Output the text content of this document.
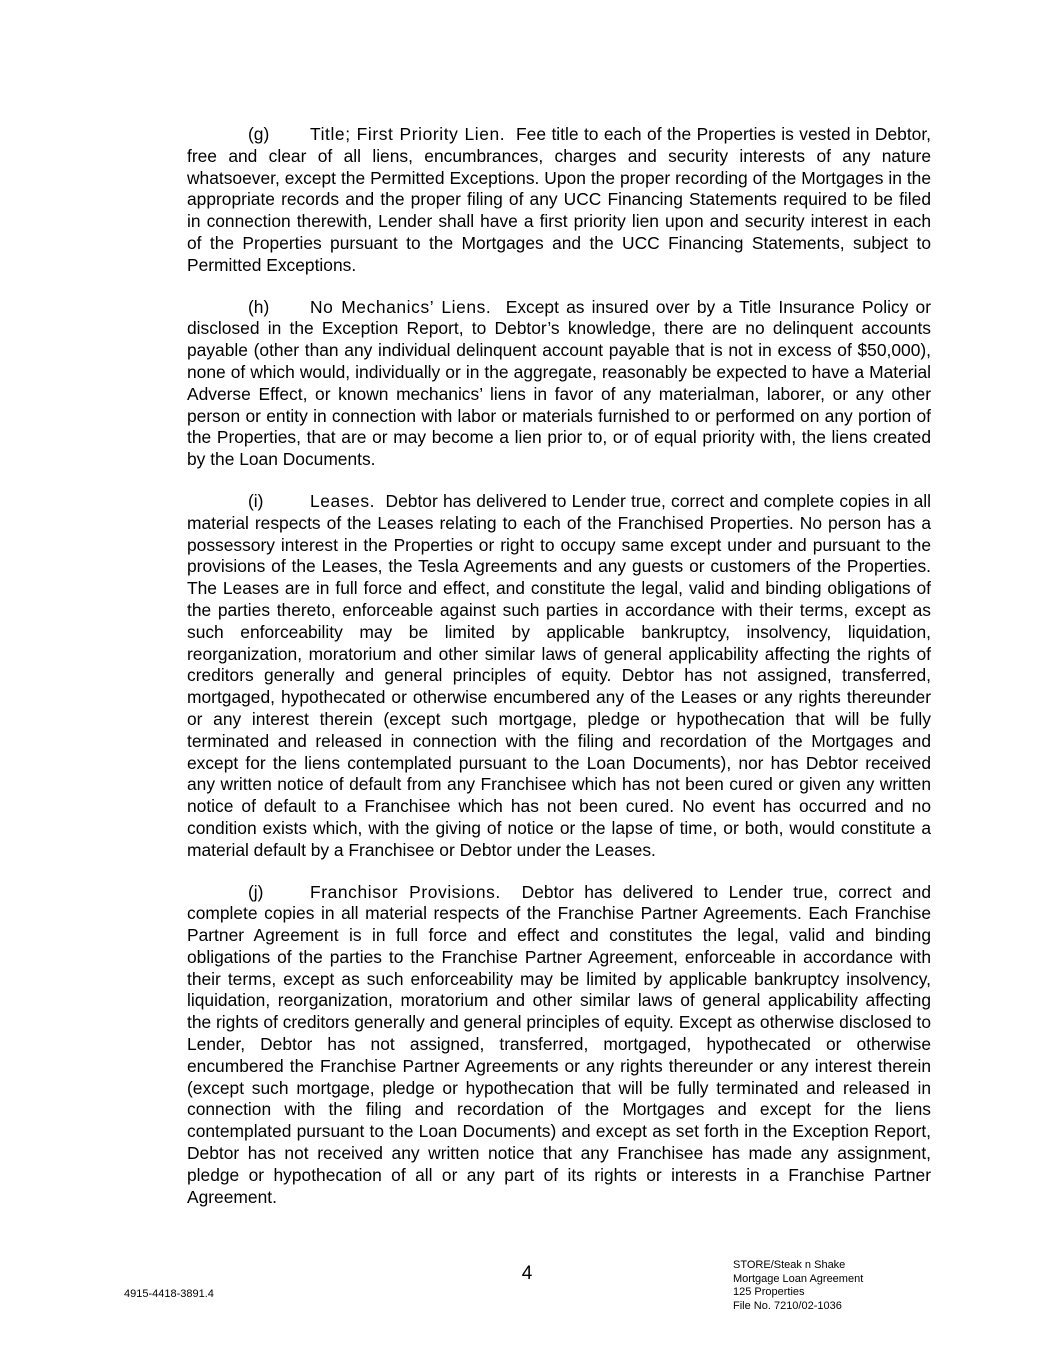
(g) Title; First Priority Lien. Fee title to each of the Properties is vested in Debtor, free and clear of all liens, encumbrances, charges and security interests of any nature whatsoever, except the Permitted Exceptions. Upon the proper recording of the Mortgages in the appropriate records and the proper filing of any UCC Financing Statements required to be filed in connection therewith, Lender shall have a first priority lien upon and security interest in each of the Properties pursuant to the Mortgages and the UCC Financing Statements, subject to Permitted Exceptions.

(h) No Mechanics’ Liens. Except as insured over by a Title Insurance Policy or disclosed in the Exception Report, to Debtor’s knowledge, there are no delinquent accounts payable (other than any individual delinquent account payable that is not in excess of $50,000), none of which would, individually or in the aggregate, reasonably be expected to have a Material Adverse Effect, or known mechanics’ liens in favor of any materialman, laborer, or any other person or entity in connection with labor or materials furnished to or performed on any portion of the Properties, that are or may become a lien prior to, or of equal priority with, the liens created by the Loan Documents.

(i)	Leases. Debtor has delivered to Lender true, correct and complete copies in all material respects of the Leases relating to each of the Franchised Properties. No person has a possessory interest in the Properties or right to occupy same except under and pursuant to the provisions of the Leases, the Tesla Agreements and any guests or customers of the Properties. The Leases are in full force and effect, and constitute the legal, valid and binding obligations of the parties thereto, enforceable against such parties in accordance with their terms, except as such enforceability may be limited by applicable bankruptcy, insolvency, liquidation, reorganization, moratorium and other similar laws of general applicability affecting the rights of creditors generally and general principles of equity. Debtor has not assigned, transferred, mortgaged, hypothecated or otherwise encumbered any of the Leases or any rights thereunder or any interest therein (except such mortgage, pledge or hypothecation that will be fully terminated and released in connection with the filing and recordation of the Mortgages and except for the liens contemplated pursuant to the Loan Documents), nor has Debtor received any written notice of default from any Franchisee which has not been cured or given any written notice of default to a Franchisee which has not been cured. No event has occurred and no condition exists which, with the giving of notice or the lapse of time, or both, would constitute a material default by a Franchisee or Debtor under the Leases.

(j)	Franchisor Provisions. Debtor has delivered to Lender true, correct and complete copies in all material respects of the Franchise Partner Agreements. Each Franchise Partner Agreement is in full force and effect and constitutes the legal, valid and binding obligations of the parties to the Franchise Partner Agreement, enforceable in accordance with their terms, except as such enforceability may be limited by applicable bankruptcy insolvency, liquidation, reorganization, moratorium and other similar laws of general applicability affecting the rights of creditors generally and general principles of equity. Except as otherwise disclosed to Lender, Debtor has not assigned, transferred, mortgaged, hypothecated or otherwise encumbered the Franchise Partner Agreements or any rights thereunder or any interest therein (except such mortgage, pledge or hypothecation that will be fully terminated and released in connection with the filing and recordation of the Mortgages and except for the liens contemplated pursuant to the Loan Documents) and except as set forth in the Exception Report, Debtor has not received any written notice that any Franchisee has made any assignment, pledge or hypothecation of all or any part of its rights or interests in a Franchise Partner Agreement.

4
4915-4418-3891.4
STORE/Steak n Shake
Mortgage Loan Agreement
125 Properties
File No. 7210/02-1036
